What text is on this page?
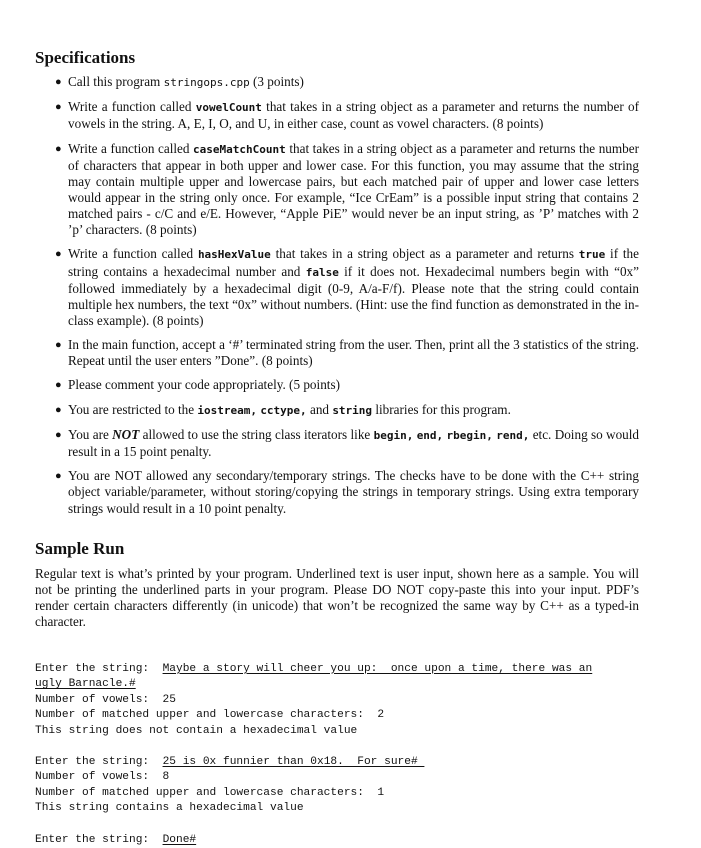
Specifications
● Call this program stringops.cpp (3 points)
● Write a function called vowelCount that takes in a string object as a parameter and returns the number of vowels in the string. A, E, I, O, and U, in either case, count as vowel characters. (8 points)
● Write a function called caseMatchCount that takes in a string object as a parameter and returns the number of characters that appear in both upper and lower case. For this function, you may assume that the string may contain multiple upper and lowercase pairs, but each matched pair of upper and lower case letters would appear in the string only once. For example, “Ice CrEam” is a possible input string that contains 2 matched pairs - c/C and e/E. However, “Apple PiE” would never be an input string, as ’P’ matches with 2 ’p’ characters. (8 points)
● Write a function called hasHexValue that takes in a string object as a parameter and returns true if the string contains a hexadecimal number and false if it does not. Hexadecimal numbers begin with “0x” followed immediately by a hexadecimal digit (0-9, A/a-F/f). Please note that the string could contain multiple hex numbers, the text “0x” without numbers. (Hint: use the find function as demonstrated in the in-class example). (8 points)
● In the main function, accept a ‘#’ terminated string from the user. Then, print all the 3 statistics of the string. Repeat until the user enters ”Done”. (8 points)
● Please comment your code appropriately. (5 points)
● You are restricted to the iostream, cctype, and string libraries for this program.
● You are NOT allowed to use the string class iterators like begin, end, rbegin, rend, etc. Doing so would result in a 15 point penalty.
● You are NOT allowed any secondary/temporary strings. The checks have to be done with the C++ string object variable/parameter, without storing/copying the strings in temporary strings. Using extra temporary strings would result in a 10 point penalty.
Sample Run
Regular text is what’s printed by your program. Underlined text is user input, shown here as a sample. You will not be printing the underlined parts in your program. Please DO NOT copy-paste this into your input. PDF’s render certain characters differently (in unicode) that won’t be recognized the same way by C++ as a typed-in character.

Enter the string:  Maybe a story will cheer you up:  once upon a time, there was an
ugly Barnacle.#
Number of vowels:  25
Number of matched upper and lowercase characters:  2
This string does not contain a hexadecimal value

Enter the string:  25 is 0x funnier than 0x18.  For sure#
Number of vowels:  8
Number of matched upper and lowercase characters:  1
This string contains a hexadecimal value

Enter the string:  Done#
